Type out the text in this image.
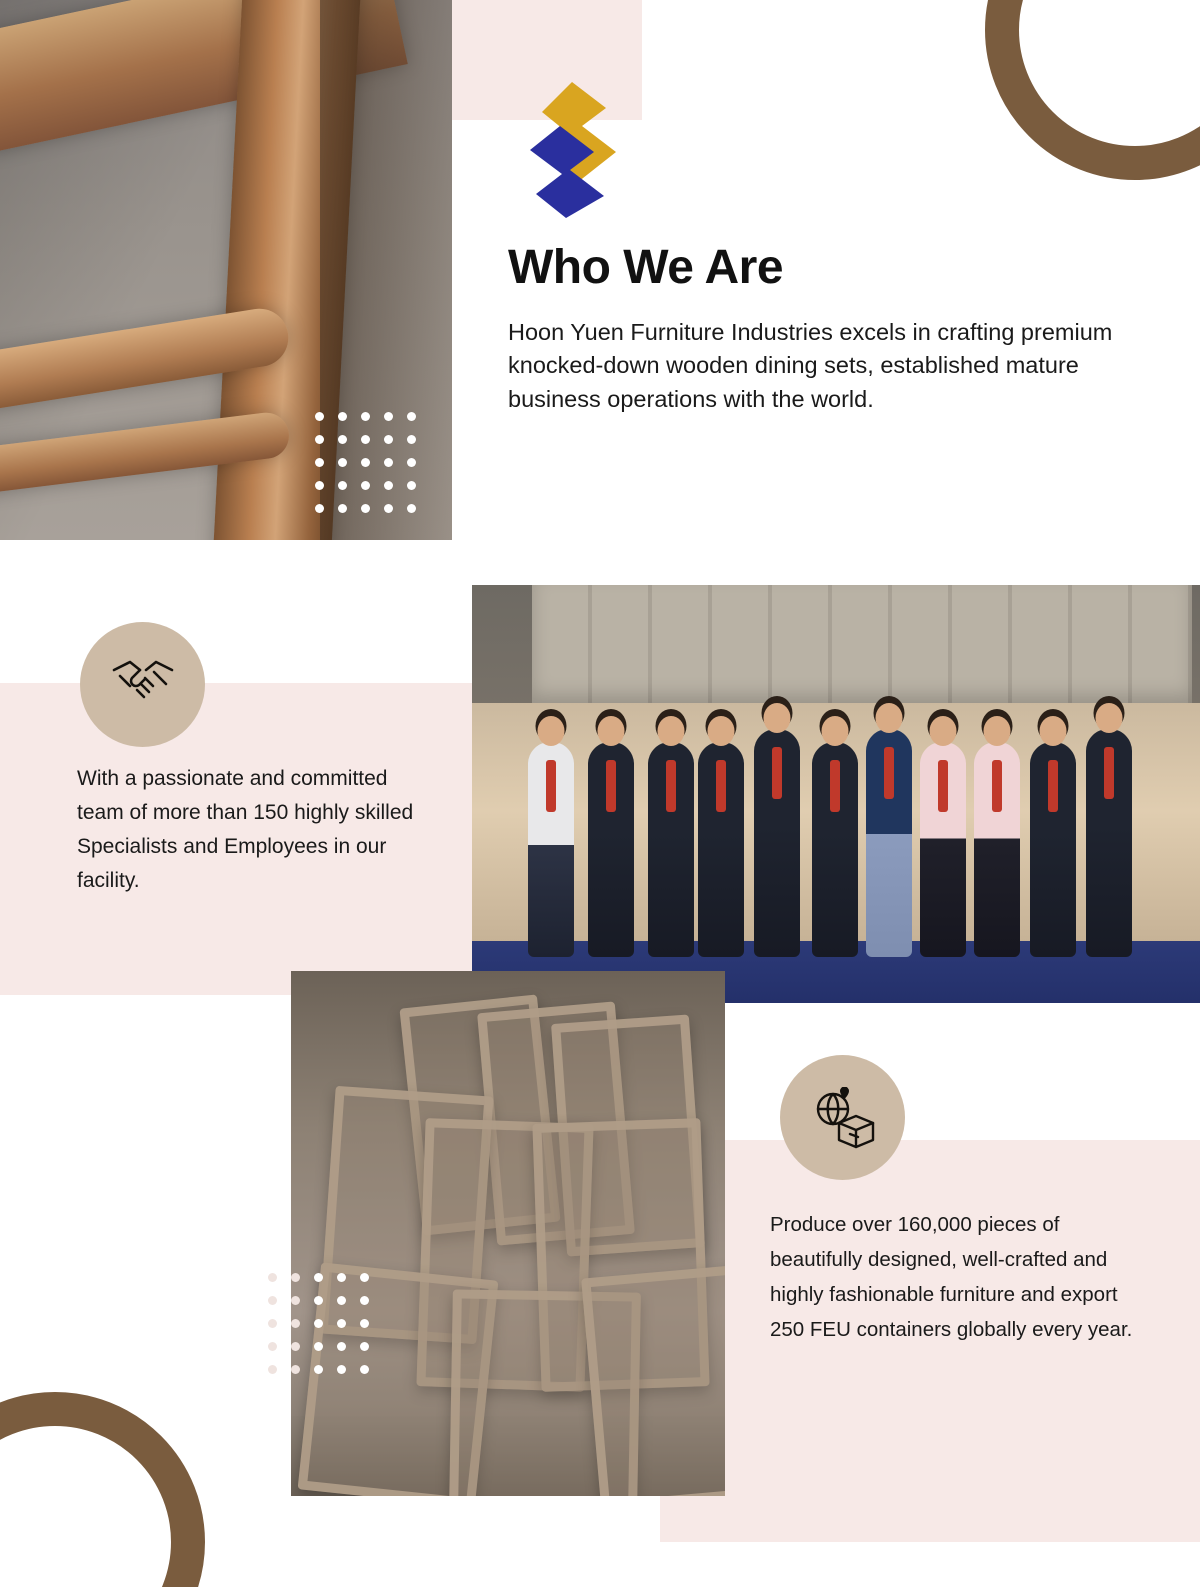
Who We Are

Hoon Yuen Furniture Industries excels in crafting premium knocked-down wooden dining sets, established mature business operations with the world.

With a passionate and committed team of more than 150 highly skilled Specialists and Employees in our facility.

Produce over 160,000 pieces of beautifully designed, well-crafted and highly fashionable furniture and export 250 FEU containers globally every year.
